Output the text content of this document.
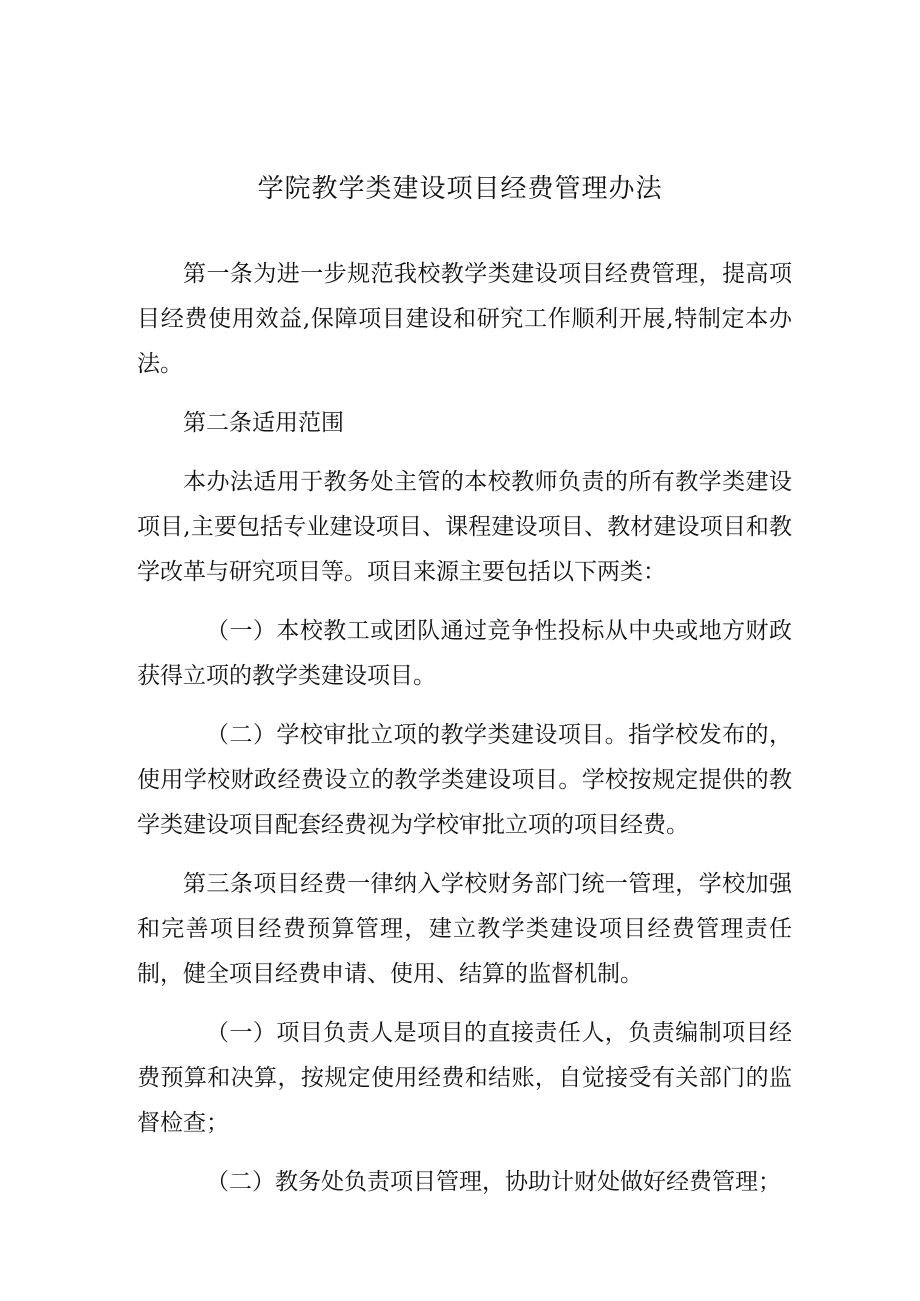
学院教学类建设项目经费管理办法

第一条为进一步规范我校教学类建设项目经费管理，提高项目经费使用效益,保障项目建设和研究工作顺利开展,特制定本办法。

第二条适用范围

本办法适用于教务处主管的本校教师负责的所有教学类建设项目,主要包括专业建设项目、课程建设项目、教材建设项目和教学改革与研究项目等。项目来源主要包括以下两类：

（一）本校教工或团队通过竞争性投标从中央或地方财政获得立项的教学类建设项目。

（二）学校审批立项的教学类建设项目。指学校发布的，使用学校财政经费设立的教学类建设项目。学校按规定提供的教学类建设项目配套经费视为学校审批立项的项目经费。

第三条项目经费一律纳入学校财务部门统一管理，学校加强和完善项目经费预算管理，建立教学类建设项目经费管理责任制，健全项目经费申请、使用、结算的监督机制。

（一）项目负责人是项目的直接责任人，负责编制项目经费预算和决算，按规定使用经费和结账，自觉接受有关部门的监督检查；

（二）教务处负责项目管理，协助计财处做好经费管理；
